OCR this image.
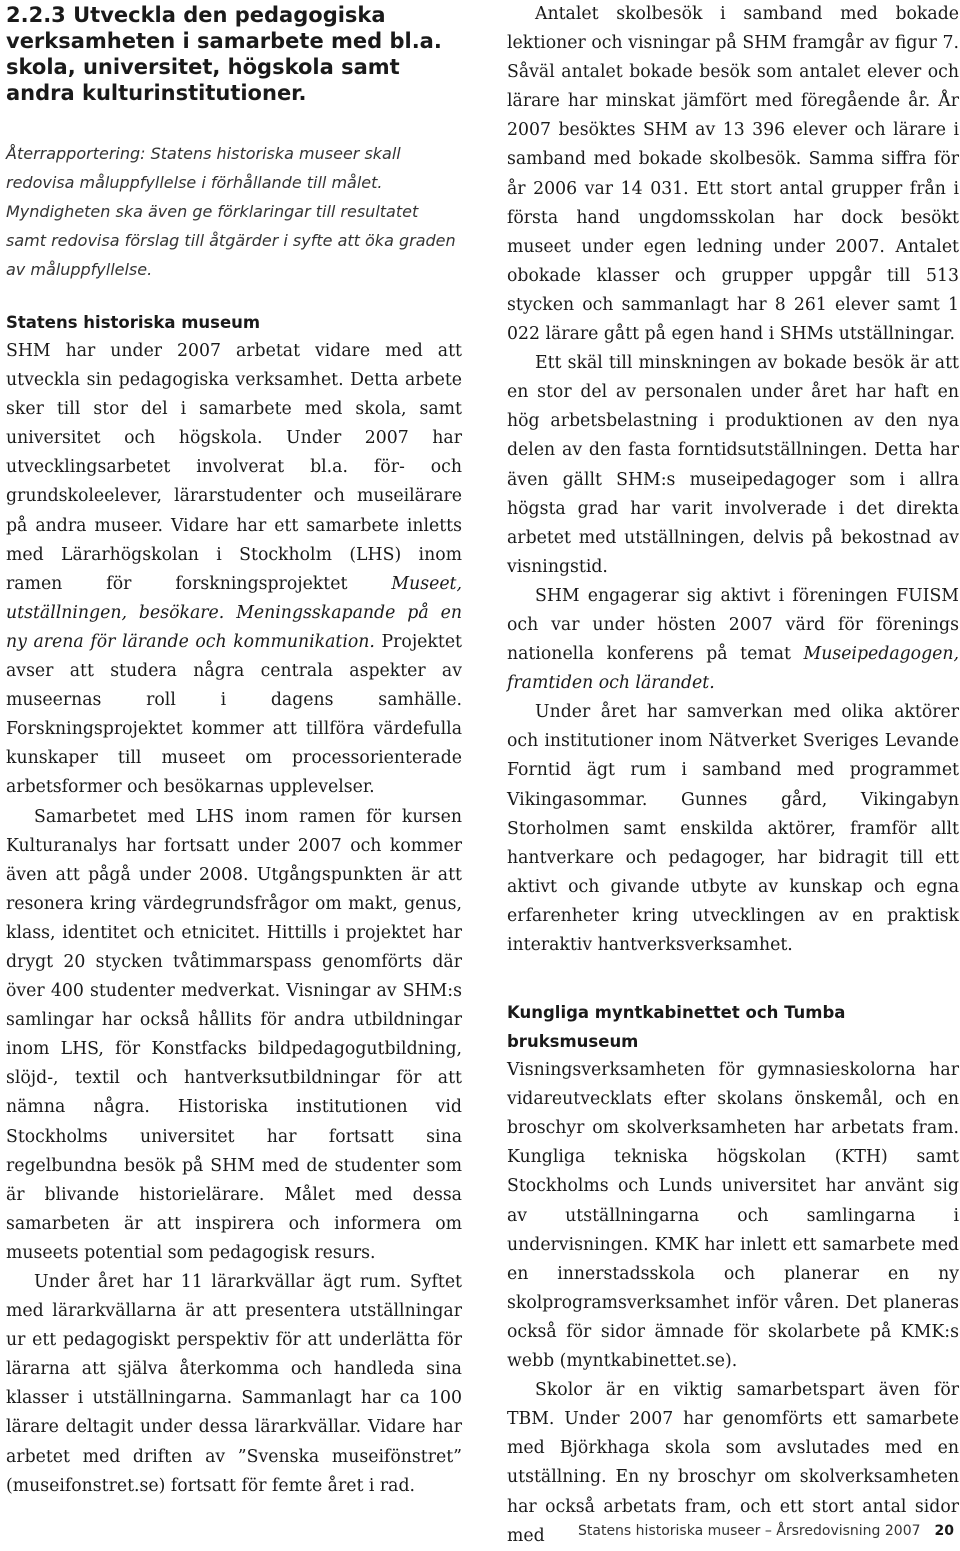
2.2.3 Utveckla den pedagogiska verksamheten i samarbete med bl.a. skola, universitet, högskola samt andra kulturinstitutioner.

Återrapportering: Statens historiska museer skall redovisa måluppfyllelse i förhållande till målet. Myndigheten ska även ge förklaringar till resultatet samt redovisa förslag till åtgärder i syfte att öka graden av måluppfyllelse.

Statens historiska museum

SHM har under 2007 arbetat vidare med att utveckla sin pedagogiska verksamhet. Detta arbete sker till stor del i samarbete med skola, samt universitet och högskola. Under 2007 har utvecklingsarbetet involverat bl.a. för- och grundskoleelever, lärarstudenter och museilärare på andra museer. Vidare har ett samarbete inletts med Lärarhögskolan i Stockholm (LHS) inom ramen för forskningsprojektet Museet, utställningen, besökare. Meningsskapande på en ny arena för lärande och kommunikation. Projektet avser att studera några centrala aspekter av museernas roll i dagens samhälle. Forskningsprojektet kommer att tillföra värdefulla kunskaper till museet om processorienterade arbetsformer och besökarnas upplevelser.

Samarbetet med LHS inom ramen för kursen Kulturanalys har fortsatt under 2007 och kommer även att pågå under 2008. Utgångspunkten är att resonera kring värdegrundsfrågor om makt, genus, klass, identitet och etnicitet. Hittills i projektet har drygt 20 stycken tvåtimmarspass genomförts där över 400 studenter medverkat. Visningar av SHM:s samlingar har också hållits för andra utbildningar inom LHS, för Konstfacks bildpedagogutbildning, slöjd-, textil och hantverksutbildningar för att nämna några. Historiska institutionen vid Stockholms universitet har fortsatt sina regelbundna besök på SHM med de studenter som är blivande historielärare. Målet med dessa samarbeten är att inspirera och informera om museets potential som pedagogisk resurs.

Under året har 11 lärarkvällar ägt rum. Syftet med lärarkvällarna är att presentera utställningar ur ett pedagogiskt perspektiv för att underlätta för lärarna att själva återkomma och handleda sina klasser i utställningarna. Sammanlagt har ca 100 lärare deltagit under dessa lärarkvällar. Vidare har arbetet med driften av ”Svenska museifönstret” (museifonstret.se) fortsatt för femte året i rad.

Antalet skolbesök i samband med bokade lektioner och visningar på SHM framgår av figur 7. Såväl antalet bokade besök som antalet elever och lärare har minskat jämfört med föregående år. År 2007 besöktes SHM av 13 396 elever och lärare i samband med bokade skolbesök. Samma siffra för år 2006 var 14 031. Ett stort antal grupper från i första hand ungdomsskolan har dock besökt museet under egen ledning under 2007. Antalet obokade klasser och grupper uppgår till 513 stycken och sammanlagt har 8 261 elever samt 1 022 lärare gått på egen hand i SHMs utställningar.

Ett skäl till minskningen av bokade besök är att en stor del av personalen under året har haft en hög arbetsbelastning i produktionen av den nya delen av den fasta forntidsutställningen. Detta har även gällt SHM:s museipedagoger som i allra högsta grad har varit involverade i det direkta arbetet med utställningen, delvis på bekostnad av visningstid.

SHM engagerar sig aktivt i föreningen FUISM och var under hösten 2007 värd för förenings nationella konferens på temat Museipedagogen, framtiden och lärandet.

Under året har samverkan med olika aktörer och institutioner inom Nätverket Sveriges Levande Forntid ägt rum i samband med programmet Vikingasommar. Gunnes gård, Vikingabyn Storholmen samt enskilda aktörer, framför allt hantverkare och pedagoger, har bidragit till ett aktivt och givande utbyte av kunskap och egna erfarenheter kring utvecklingen av en praktisk interaktiv hantverksverksamhet.

Kungliga myntkabinettet och Tumba bruksmuseum

Visningsverksamheten för gymnasieskolorna har vidareutvecklats efter skolans önskemål, och en broschyr om skolverksamheten har arbetats fram. Kungliga tekniska högskolan (KTH) samt Stockholms och Lunds universitet har använt sig av utställningarna och samlingarna i undervisningen. KMK har inlett ett samarbete med en innerstadsskola och planerar en ny skolprogramsverksamhet inför våren. Det planeras också för sidor ämnade för skolarbete på KMK:s webb (myntkabinettet.se).

Skolor är en viktig samarbetspart även för TBM. Under 2007 har genomförts ett samarbete med Björkhaga skola som avslutades med en utställning. En ny broschyr om skolverksamheten har också arbetats fram, och ett stort antal sidor med	Statens historiska museer – Årsredovisning 2007 20
